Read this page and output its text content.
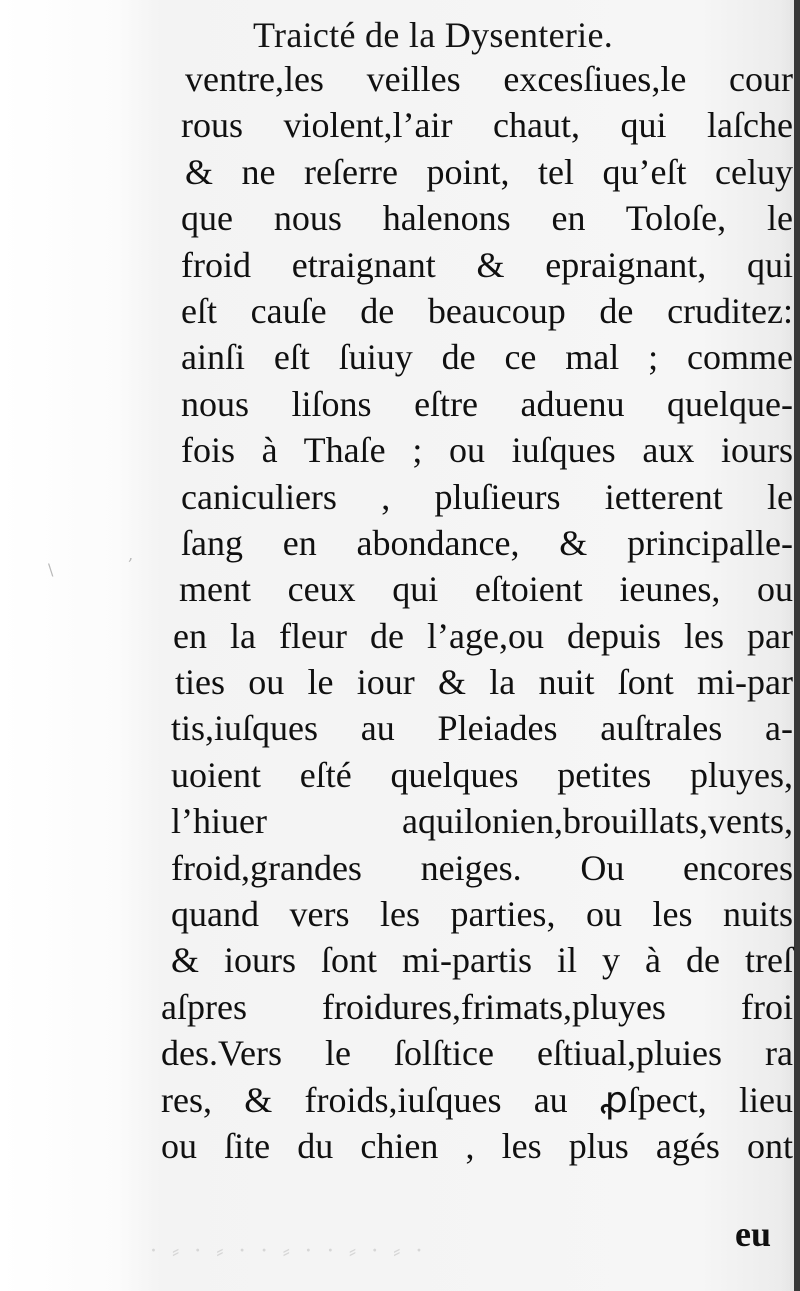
\
‚
Traicté de la Dysenterie.
ventre,les veilles excesſiues,le cour
rous violent,l’air chaut, qui laſche
& ne reſerre point, tel qu’eſt celuy
que nous halenons en Toloſe, le
froid etraignant & epraignant, qui
eſt cauſe de beaucoup de cruditez:
ainſi eſt ſuiuy de ce mal ; comme
nous liſons eſtre aduenu quelque-
fois à Thaſe ; ou iuſques aux iours
caniculiers , pluſieurs ietterent le
ſang en abondance, & principalle-
ment ceux qui eſtoient ieunes, ou
en la fleur de l’age,ou depuis les par
ties ou le iour & la nuit ſont mi-par
tis,iuſques au Pleiades auſtrales a-
uoient eſté quelques petites pluyes,
l’hiuer aquilonien,brouillats,vents,
froid,grandes neiges. Ou encores
quand vers les parties, ou les nuits
& iours ſont mi-partis il y à de treſ
aſpres froidures,frimats,pluyes froi
des.Vers le ſolſtice eſtiual,pluies ra
res, & froids,iuſques au ꝓſpect, lieu
ou ſite du chien , les plus agés ont
eu
· ⸗ · ⸗ · · ⸗ · · ⸗ · ⸗ ·
